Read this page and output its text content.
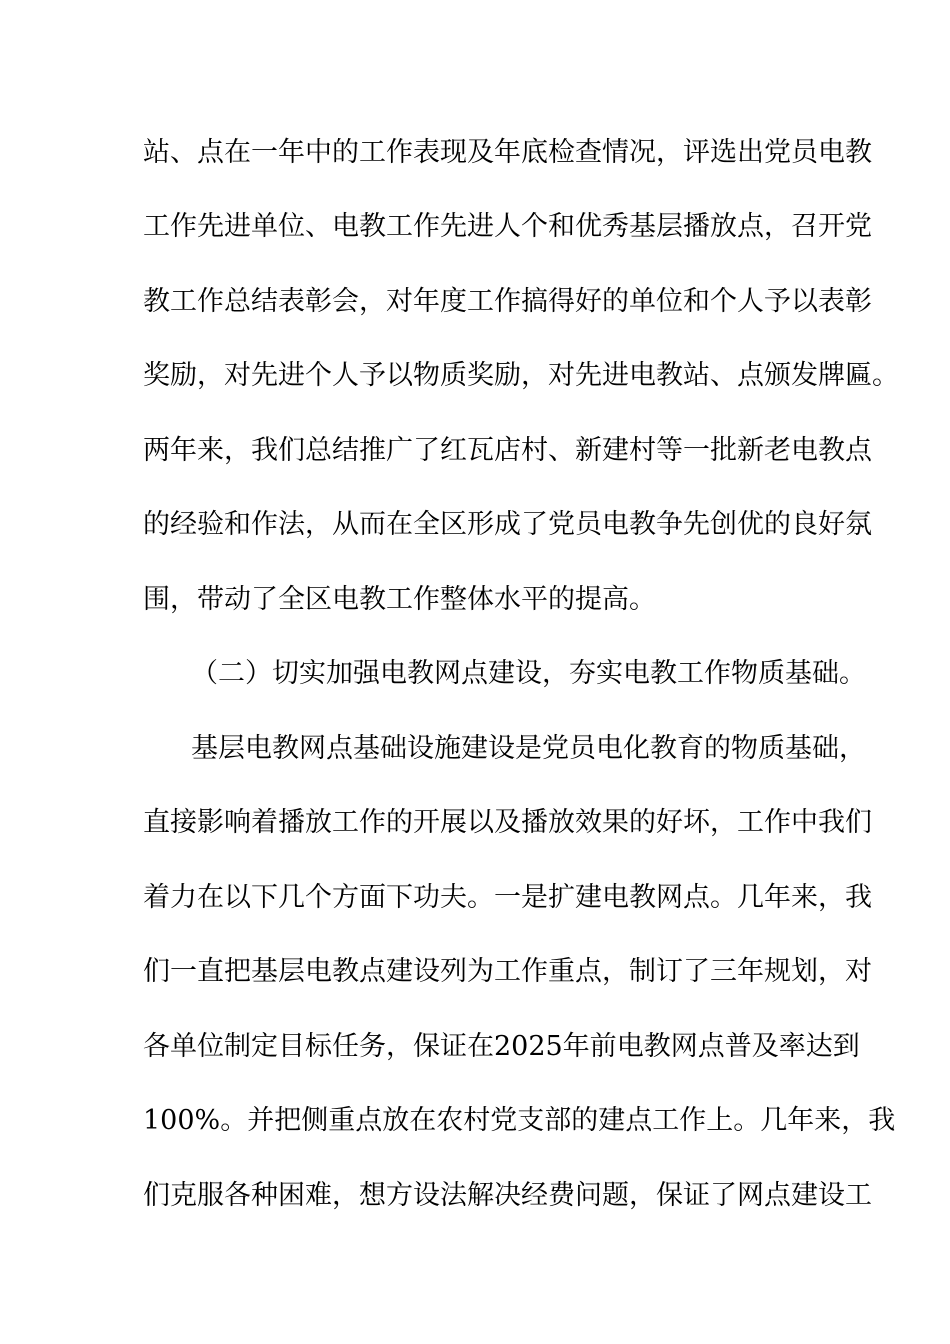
站、点在一年中的工作表现及年底检查情况，评选出党员电教
工作先进单位、电教工作先进人个和优秀基层播放点，召开党
教工作总结表彰会，对年度工作搞得好的单位和个人予以表彰
奖励，对先进个人予以物质奖励，对先进电教站、点颁发牌匾。
两年来，我们总结推广了红瓦店村、新建村等一批新老电教点
的经验和作法，从而在全区形成了党员电教争先创优的良好氛
围，带动了全区电教工作整体水平的提高。
（二）切实加强电教网点建设，夯实电教工作物质基础。
基层电教网点基础设施建设是党员电化教育的物质基础，
直接影响着播放工作的开展以及播放效果的好坏，工作中我们
着力在以下几个方面下功夫。一是扩建电教网点。几年来，我
们一直把基层电教点建设列为工作重点，制订了三年规划，对
各单位制定目标任务，保证在2025年前电教网点普及率达到
100%。并把侧重点放在农村党支部的建点工作上。几年来，我
们克服各种困难，想方设法解决经费问题，保证了网点建设工
